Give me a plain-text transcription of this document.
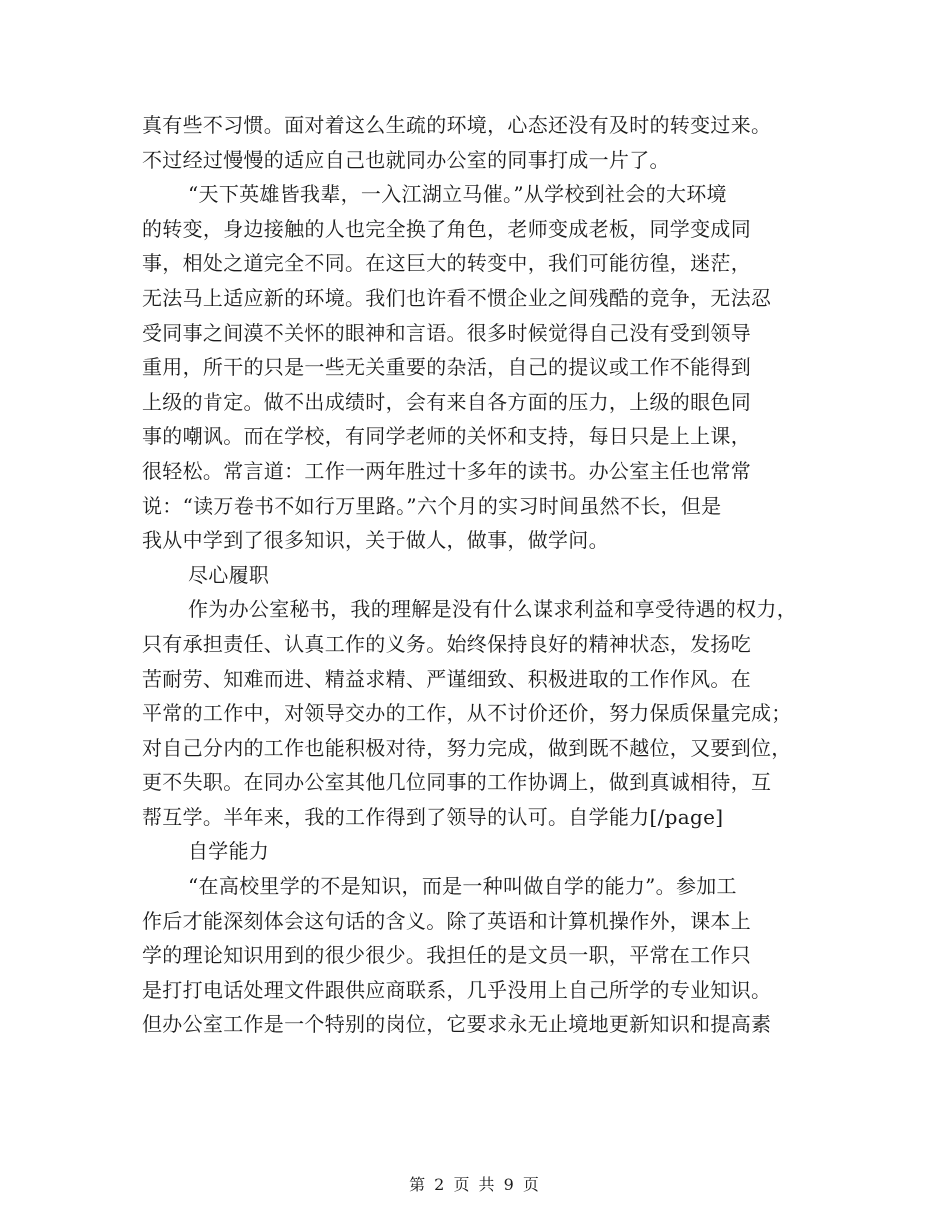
真有些不习惯。面对着这么生疏的环境，心态还没有及时的转变过来。
不过经过慢慢的适应自己也就同办公室的同事打成一片了。
“天下英雄皆我辈，一入江湖立马催。”从学校到社会的大环境
的转变，身边接触的人也完全换了角色，老师变成老板，同学变成同
事，相处之道完全不同。在这巨大的转变中，我们可能彷徨，迷茫，
无法马上适应新的环境。我们也许看不惯企业之间残酷的竞争，无法忍
受同事之间漠不关怀的眼神和言语。很多时候觉得自己没有受到领导
重用，所干的只是一些无关重要的杂活，自己的提议或工作不能得到
上级的肯定。做不出成绩时，会有来自各方面的压力，上级的眼色同
事的嘲讽。而在学校，有同学老师的关怀和支持，每日只是上上课，
很轻松。常言道：工作一两年胜过十多年的读书。办公室主任也常常
说：“读万卷书不如行万里路。”六个月的实习时间虽然不长，但是
我从中学到了很多知识，关于做人，做事，做学问。
尽心履职
作为办公室秘书，我的理解是没有什么谋求利益和享受待遇的权力，
只有承担责任、认真工作的义务。始终保持良好的精神状态，发扬吃
苦耐劳、知难而进、精益求精、严谨细致、积极进取的工作作风。在
平常的工作中，对领导交办的工作，从不讨价还价，努力保质保量完成；
对自己分内的工作也能积极对待，努力完成，做到既不越位，又要到位，
更不失职。在同办公室其他几位同事的工作协调上，做到真诚相待，互
帮互学。半年来，我的工作得到了领导的认可。自学能力[/page]
自学能力
“在高校里学的不是知识，而是一种叫做自学的能力”。参加工
作后才能深刻体会这句话的含义。除了英语和计算机操作外，课本上
学的理论知识用到的很少很少。我担任的是文员一职，平常在工作只
是打打电话处理文件跟供应商联系，几乎没用上自己所学的专业知识。
但办公室工作是一个特别的岗位，它要求永无止境地更新知识和提高素
第 2 页 共 9 页
